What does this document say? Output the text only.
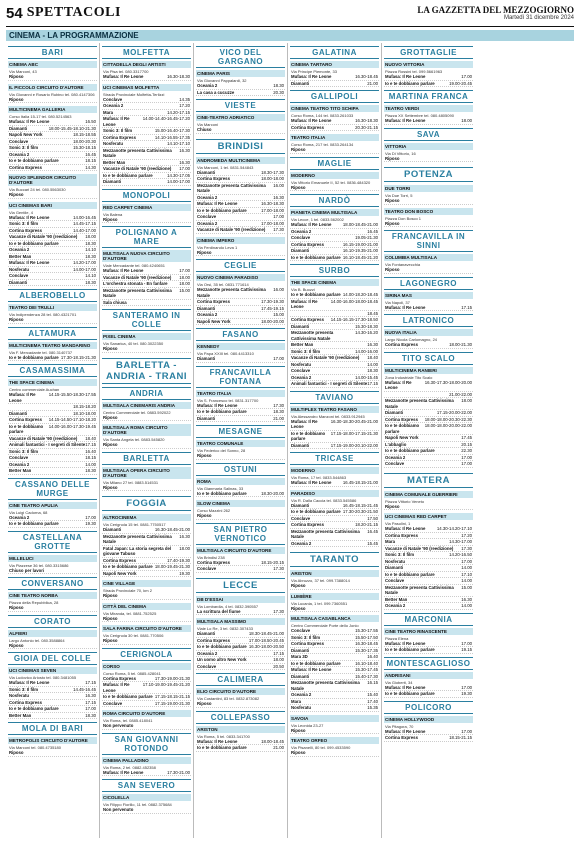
54 SPETTACOLI	LA GAZZETTA DEL MEZZOGIORNO
Martedì 31 dicembre 2024
CINEMA - LA PROGRAMMAZIONE
BARI
CINEMA ABC
Via Marconi, 43
Riposo
IL PICCOLO CIRCUITO D'AUTORE
Via Giovanni e Rosario Rubino tel. 080.4147306
Riposo
MULTICINEMA GALLERIA
Corso Italia 15-17 tel. 080.5214563
Mufasa: Il Re Leone	16.50
Diamanti	18.00-15.45-18.10-21.30
Napoli New York	18.15-18.55
Conclave	18.00-20.30
Sonic 3: Il film	15.30-18.15
Oceania 2	16.45
Io e te dobbiamo parlare	18.15
Cortina Express	14.30
NUOVO SPLENDOR CIRCUITO D'AUTORE
Via Buccari 24 tel. 080.5563030
Riposo
UCI CINEMAS BARI
Via Gentile, 4
Mufasa: Il Re Leone	14.00-16.45
Sonic 3: Il film	14.45-17.15
Cortina Express	14.40-17.00
Vacanze di Natale '90 (reedizione) 18.00
Io e te dobbiamo parlare	18.30
Oceania 2	14.10
Better Man	18.30
Mufasa: Il Re Leone	14.20-17.00
Nosferatu	14.00-17.00
Conclave	14.10
Diamanti	18.30
ALBEROBELLO
TEATRO DEI TRULLI
Via Indipendenza 28 tel. 080.4321701
Riposo
ALTAMURA
MULTICINEMA TEATRO MANDARINO
Via F. Mercadante tel. 080.3140737
Io e te dobbiamo parlare 17.30-18.15-21.30
CASAMASSIMA
THE SPACE CINEMA
Centro commerciale Auchan
Mufasa: Il Re Leone
14.15-15.50-18.30-17.55
18.15-18.20
Diamanti	18.10-18.00
Cortina Express 14.15-14.50-17.10-18.20
Io e te dobbiamo parlare
14.00-16.00-17.30-19.45
Vacanze di Natale '90 (reedizione) 18.40
Animali fantastici - I segreti di Silente 17.15
Sonic 3: Il film	16.40
Conclave	18.15
Oceania 2	14.00
Better Man	18.30
CASSANO DELLE MURGE
CINE TEATRO APULIA
Via Luigi Cadorna, 68
Oceania 2	17.00
Io e te dobbiamo parlare	19.30
CASTELLANA GROTTE
MILLELUCI
Via Piazzese 36 tel. 080.3315686
Chiuso per lavori
CONVERSANO
CINE TEATRO NORBA
Piazza della Repubblica, 28
Riposo
CORATO
ALFIERI
Largo Antonio tel. 080.3588864
Riposo
GIOIA DEL COLLE
UCI CINEMAS SEVEN
Via Ludovico Ariosto tel. 080.3481055
Mufasa: Il Re Leone	17.15
Sonic 3: Il film	14.45-16.45
Nosferatu	16.30
Cortina Express	17.15
Io e te dobbiamo parlare	17.00
Better Man	18.30
MOLA DI BARI
METROPOLIS CIRCUITO D'AUTORE
Via Marconi tel. 080.4735180
Riposo
MOLFETTA
CITTADELLA DEGLI ARTISTI
Via Pisa tel. 080.3317700
Mufasa: Il Re Leone	16.30-18.30
UCI CINEMAS MOLFETTA
Strada Provinciale Molfetta-Terlizzi
Conclave	14.35
Oceania 2	17.20
Mara	14.20-17.15
Mufasa: Il Re Leone
14.00-14.40-16.45-17.20
Sonic 3: Il film	15.00-16.40-17.30
Cortina Express	14.10-16.55-17.35
Nosferatu	14.10-17.10
Mezzanotte presenta Cattivissima Natale
16.30
Better Man	16.30
Vacanze di Natale '90 (reedizione) 17.00
Io e te dobbiamo parlare	14.30-17.05
Diamanti	14.00-17.00
MONOPOLI
RED CARPET CINEMA
Via Balena
Riposo
POLIGNANO A MARE
MULTISALA NUOVA CIRCUITO D'AUTORE
Viale Mercadante tel. 080.4240651
Mufasa: Il Re Leone	17.00
Vacanze di Natale '90 (reedizione) 18.00
L'orchestra stonata - En fanfare	18.00
Mezzanotte presenta Cattivissima Natale
15.00
Sala chiusa
SANTERAMO IN COLLE
PIXEL CINEMA
Via Sanarica, 40 tel. 080.3022350
Riposo
BARLETTA - ANDRIA - TRANI
ANDRIA
MULTISALA CINEMARIS ANDRIA
Centro Commerciale tel. 0883.592022
Riposo
MULTISALA ROMA CIRCUITO D'AUTORE
Via Santa Angela tel. 0883.545820
Riposo
BARLETTA
MULTISALA OPERA CIRCUITO D'AUTORE
Via Milano 27 tel. 0883.514531
Riposo
FOGGIA
ALTROCINEMA
Via Cerignola 15 tel. 0881.7750517
Diamanti	16.30-18.45-21.00
Mezzanotte presenta Cattivissima Natale
16.30
Fatal Japan: La storia segreta del giovane Tabuso
18.00
Cortina Express	17.40-19.30
Io e te dobbiamo parlare 18.00-19.45-21.30
Napoli New York	19.30
CINE VILLAGE
Strada Provinciale 70, km 2
Riposo
CITTÀ DEL CINEMA
Via Miranda, tel. 0881.752525
Riposo
SALA FARINA CIRCUITO D'AUTORE
Via Cerignola 30 tel. 0881.770506
Riposo
CERIGNOLA
CORSO
Corso Roma, 5 tel. 0885.428041
Cortina Express	17.30-19.00-21.30
Mufasa: Il Re Leone
17.10-19.00-19.45-21.20
Io e te dobbiamo parlare 17.15-18.15-21.15
Conclave	17.15-19.00-21.30
ROMA CIRCUITO D'AUTORE
Via Roma, tel. 0885.418041
Non pervenuto
SAN GIOVANNI ROTONDO
CINEMA PALLADINO
Via Roma, 2 tel. 0882.452358
Mufasa: Il Re Leone	17.30-21.00
SAN SEVERO
CICOLELLA
Via Filippo Fiorillo, 11 tel. 0882.375684
Non pervenuto
VICO DEL GARGANO
CINEMA PARIS
Via Giovanni Pappalardi, 32
Oceania 2	18.30
La casa a cucuzze	20.30
VIESTE
CINE-TEATRO ADRIATICO
Via Marconi
Chiuso
BRINDISI
ANDROMEDA MULTICINEMA
Via Marconi, 1 tel. 0831.544843
Diamanti	18.30-17.30
Cortina Express	18.00-18.00
Mezzanotte presenta Cattivissima Natale
16.00
Oceania 2	16.30
Mufasa: Il Re Leone	16.30-18.30
Io e te dobbiamo parlare	17.00-18.00
Conclave	17.00
Oceania 2	17.00-18.00
Vacanze di Natale '90 (reedizione) 17.30
CINEMA IMPERO
Via Ferdinando Leva 1
Riposo
CEGLIE
NUOVO CINEMA PARADISO
Via Orsi, 35 tel. 0831.771614
Mezzanotte presenta Cattivissima Natale
16.00
Cortina Express	17.30-19.30
Diamanti	17.45-19.15
Oceania 2	15.00
Napoli New York	18.00-20.00
FASANO
KENNEDY
Via Papa XXIII tel. 080.4413310
Diamanti	17.00
FRANCAVILLA FONTANA
TEATRO ITALIA
Via S. Francesco tel. 0831.317700
Mufasa: Il Re Leone	17.30
Io e te dobbiamo parlare	18.30
Diamanti	21.00
MESAGNE
TEATRO COMUNALE
Via Federico del Sonno, 28
Riposo
OSTUNI
ROMA
Via Gianmaria Salinas, 33
Io e te dobbiamo parlare	18.30-20.00
SLOW CINEMA
Corso Mazzini 262
Riposo
SAN PIETRO VERNOTICO
MULTISALA CIRCUITO D'AUTORE
Via Brindisi 238
Cortina Express	18.15-20.15
Conclave	17.30
LECCE
DB D'ESSAI
Via Lombardia, 4 tel. 0832.390557
La scrittura del fiume	17.30
MULTISALA MASSIMO
Viale Lo Re, 3 tel. 0832.307433
Diamanti	18.30-18.45-21.00
Cortina Express	17.00-18.50-20.45
Io e te dobbiamo parlare 16.30-18.00-20.50
Oceania 2	17.15
Un uomo altro New York	18.00
Conclave	20.50
CALIMERA
ELIO CIRCUITO D'AUTORE
Via Costantini, 83 tel. 0832.873082
Riposo
COLLEPASSO
ARISTON
Via Roma, 5 tel. 0833.341700
Mufasa: Il Re Leone	18.00-18.45
Io e te dobbiamo parlare	21.00
GALATINA
CINEMA TARTARO
Via Principe Piemonte, 33
Mufasa: Il Re Leone	16.30-18.45
Diamanti	21.00
GALLIPOLI
CINEMA TEATRO TITO SCHIPA
Corso Roma, 144 tel. 0833.261033
Mufasa: Il Re Leone	16.30-18.30
Cortina Express	20.30-21.15
TEATRO ITALIA
Corso Roma, 217 tel. 0833.264134
Riposo
MAGLIE
MODERNO
Via Vittorio Emanuele II, 52 tel. 0836.484320
Riposo
NARDÒ
PIANETA CINEMA MULTISALA
Via Lecce, 1 tel. 0833.562002
Mufasa: Il Re Leone	18.00-18.45-21.00
Oceania 2	16.45
Conclave	19.05-21.30
Cortina Express	16.15-19.00-21.00
Diamanti	16.10-19.35-21.00
Io e te dobbiamo parlare 16.10-18.45-21.20
SURBO
THE SPACE CINEMA
Via B. Buozzi
Io e te dobbiamo parlare 14.00-18.20-18.45
Mufasa: Il Re Leone
14.00-16.00-18.00-18.45
18.45
Cortina Express 14.15-16.15-17.30-18.50
Diamanti	15.30-18.30
Mezzanotte presenta Cattivissima Natale
14.30-16.20
Better Man	16.30
Sonic 3: Il film	14.00-16.00
Vacanze di Natale '90 (reedizione) 18.40
Nosferatu	14.00
Conclave	18.30
Oceania 2	14.00-15.45
Animali fantastici - I segreti di Silente 17.15
TAVIANO
MULTIPLEX TEATRO FASANO
Via Alessandro Manzoni tel. 0833.912945
Mufasa: Il Re Leone
16.30-18.30-20.45-21.00
Io e te dobbiamo parlare
17.15-18.00-17.15-21.30
Diamanti	17.15-19.00-20.10-22.00
TRICASE
MODERNO
Via Roma, 17 tel. 0833.544863
Mufasa: Il Re Leone	16.45-18.15-21.00
PARADISO
Via R. Dalla Caccia tel. 0833.545586
Diamanti	16.45-18.15-21.45
Io e te dobbiamo parlare 17.30-20.30-21.50
Conclave	17.50
Cortina Express	18.20-21.15
Mezzanotte presenta Cattivissima Natale
16.45
Oceania 2	15.45
TARANTO
ARISTON
Via Abruzzo, 37 tel. 099.7388014
Riposo
LUMIÈRE
Via Lucania, 1 tel. 099.7360551
Riposo
MULTISALA CASABLANCA
Centro Commerciale Porte dello Jonio
Conclave	15.30-17.55
Sonic 3: Il film	15.50-17.50
Cortina Express	16.30-18.45
Diamanti	15.30-17.35
Mara 3D	16.40
Io e te dobbiamo parlare	16.10-18.40
Mufasa: Il Re Leone	15.30-17.45
Diamanti	15.40-17.30
Mezzanotte presenta Cattivissima Natale
16.15
Oceania 2	15.40
Mara	17.40
Nosferatu	15.35
SAVOIA
Via Leonida 23-27
Riposo
TEATRO ORFEO
Via Pisanelli, 80 tel. 099.4533590
Riposo
GROTTAGLIE
NUOVO VITTORIA
Piazza Rossini tel. 099.5661963
Mufasa: Il Re Leone	17.00
Io e te dobbiamo parlare	19.00-20.45
MARTINA FRANCA
TEATRO VERDI
Piazza XX Settembre tel. 080.4805090
Mufasa: Il Re Leone	18.00
SAVA
VITTORIA
Via Di Vittorio, 16
Riposo
POTENZA
DUE TORRI
Via Due Torri, 5
Riposo
TEATRO DON BOSCO
Piazza Don Bosco 1
Riposo
FRANCAVILLA IN SINNI
COLUMBIA MULTISALA
Via Fontanavecchia
Riposo
LAGONEGRO
SIRINA MAS
Via Napoli, 37
Mufasa: Il Re Leone	17.15
LATRONICO
NUOVA ITALIA
Largo Nicola Carlomagno, 24
Cortina Express	18.00-21.30
TITO SCALO
MULTICINEMA RANIERI
Zona Industriale Tito Scalo
Mufasa: Il Re Leone
16.30-17.30-18.00-20.00
21.00-22.00
Mezzanotte presenta Cattivissima Natale
18.00
Diamanti	17.15-20.00-22.00
Cortina Express 18.00-18.00-20.30-22.30
Io e te dobbiamo parlare
18.00-18.00-20.00-22.00
Napoli New York	17.45
L'abbaglio	20.15
Io e te dobbiamo parlare	22.30
Oceania 2	17.00
Conclave	17.00
MATERA
CINEMA COMUNALE GUERRIERI
Piazza Vittorio Veneto
Riposo
UCI CINEMAS RED CARPET
Via Pasolini, 1
Mufasa: Il Re Leone	14.30-14.20-17.10
Cortina Express	17.20
Mara	14.30-17.00
Vacanze di Natale '90 (reedizione) 17.30
Sonic 3: Il film	14.20-16.50
Nosferatu	17.00
Diamanti	14.00
Io e te dobbiamo parlare	17.10
Conclave	14.00
Mezzanotte presenta Cattivissima Natale
15.00
Better Man	16.30
Oceania 2	14.00
MARCONIA
CINE TEATRO RINASCENTE
Piazza Elena
Mufasa: Il Re Leone	17.00
Io e te dobbiamo parlare	19.15
MONTESCAGLIOSO
ANDRISANI
Via Gioberti, 34
Mufasa: Il Re Leone	17.00
Io e te dobbiamo parlare	19.30
POLICORO
CINEMA HOLLYWOOD
Via Pitagora, 70
Mufasa: Il Re Leone	17.00
Cortina Express	18.15-21.15
